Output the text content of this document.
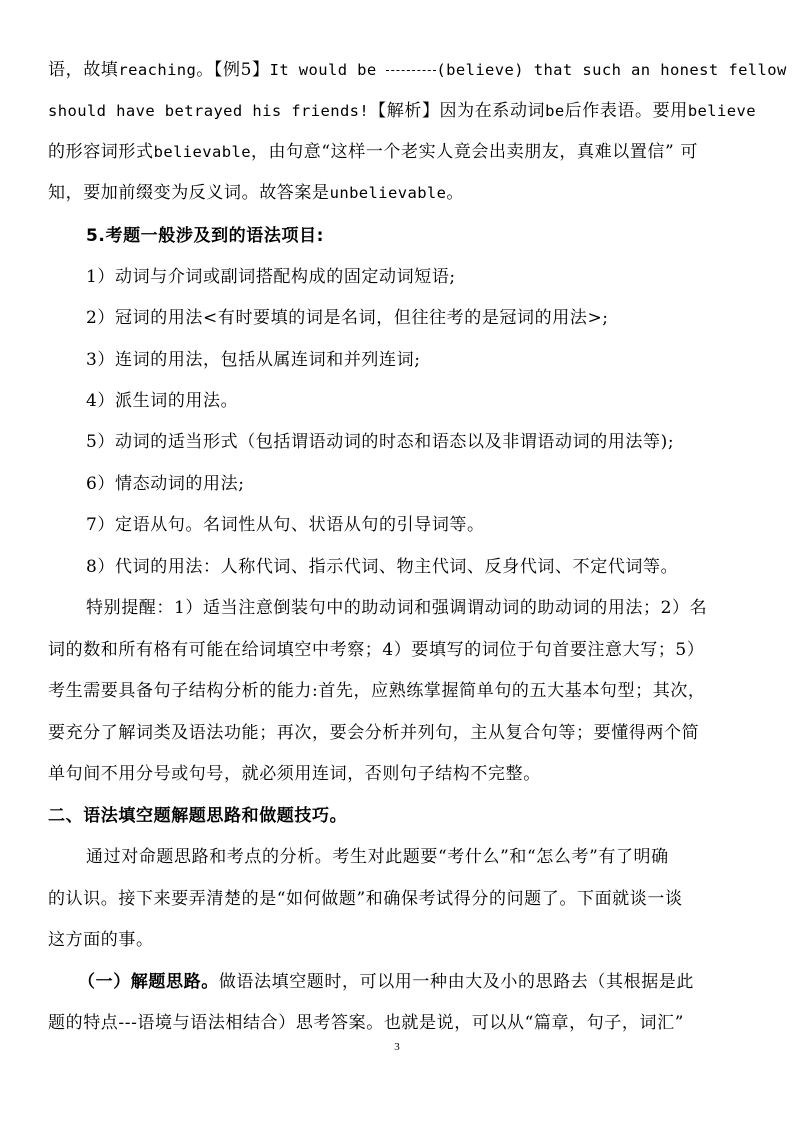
语，故填reaching。【例5】It would be	(believe) that such an honest fellow
should have betrayed his friends!【解析】因为在系动词be后作表语。要用believe
的形容词形式believable，由句意“这样一个老实人竟会出卖朋友，真难以置信” 可
知，要加前缀变为反义词。故答案是unbelievable。
5.考题一般涉及到的语法项目:
1）动词与介词或副词搭配构成的固定动词短语;
2）冠词的用法<有时要填的词是名词，但往往考的是冠词的用法>;
3）连词的用法，包括从属连词和并列连词;
4）派生词的用法。
5）动词的适当形式（包括谓语动词的时态和语态以及非谓语动词的用法等);
6）情态动词的用法;
7）定语从句。名词性从句、状语从句的引导词等。
8）代词的用法：人称代词、指示代词、物主代词、反身代词、不定代词等。
特别提醒：1）适当注意倒装句中的助动词和强调谓动词的助动词的用法；2）名
词的数和所有格有可能在给词填空中考察；4）要填写的词位于句首要注意大写；5）
考生需要具备句子结构分析的能力:首先，应熟练掌握简单句的五大基本句型；其次，
要充分了解词类及语法功能；再次，要会分析并列句，主从复合句等；要懂得两个简
单句间不用分号或句号，就必须用连词，否则句子结构不完整。
二、语法填空题解题思路和做题技巧。
通过对命题思路和考点的分析。考生对此题要“考什么”和“怎么考”有了明确
的认识。接下来要弄清楚的是“如何做题”和确保考试得分的问题了。下面就谈一谈
这方面的事。
（一）解题思路。做语法填空题时，可以用一种由大及小的思路去（其根据是此
题的特点---语境与语法相结合）思考答案。也就是说，可以从“篇章，句子，词汇”
3
